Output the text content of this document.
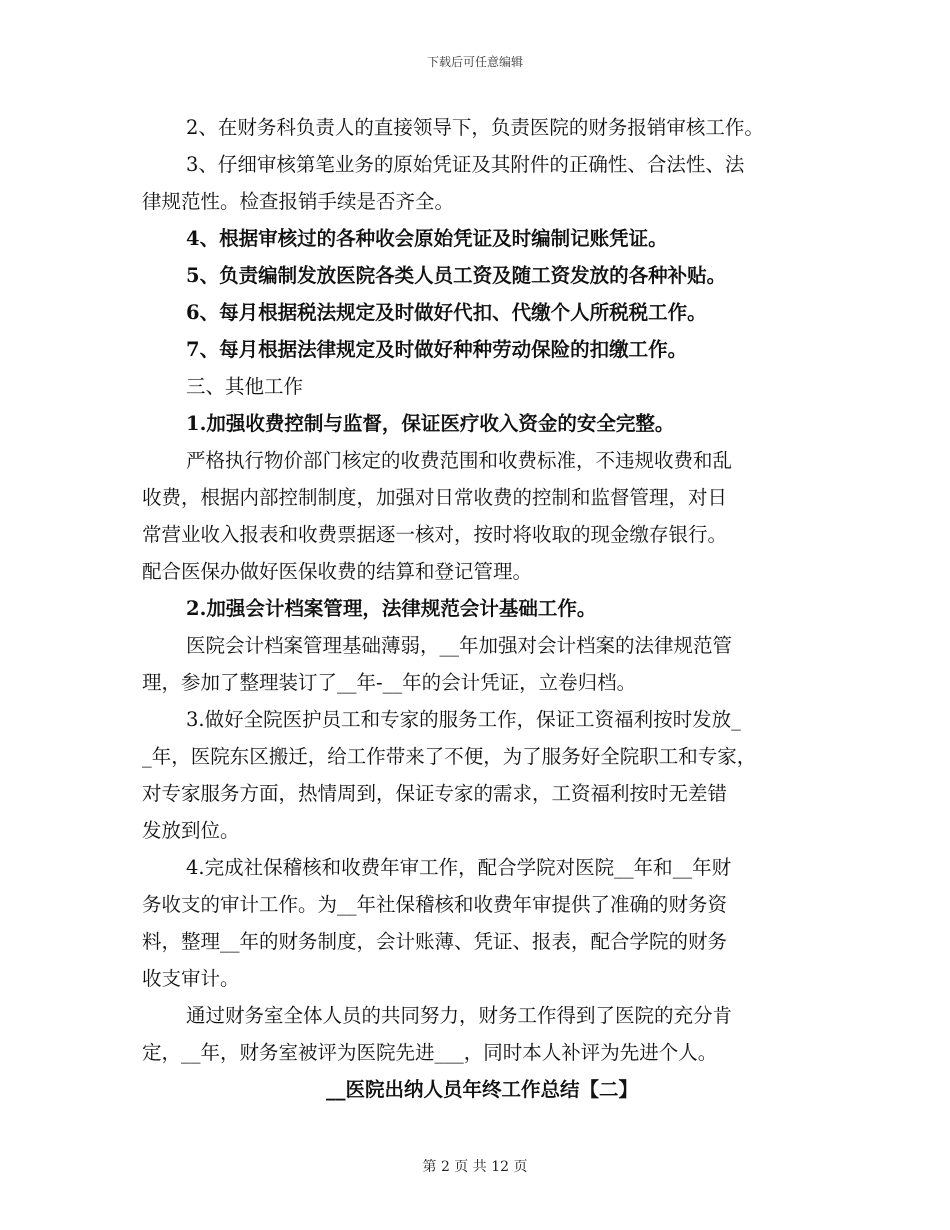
下载后可任意编辑
2、在财务科负责人的直接领导下，负责医院的财务报销审核工作。
3、仔细审核第笔业务的原始凭证及其附件的正确性、合法性、法
律规范性。检查报销手续是否齐全。
4、根据审核过的各种收会原始凭证及时编制记账凭证。
5、负责编制发放医院各类人员工资及随工资发放的各种补贴。
6、每月根据税法规定及时做好代扣、代缴个人所税税工作。
7、每月根据法律规定及时做好种种劳动保险的扣缴工作。
三、其他工作
1.加强收费控制与监督，保证医疗收入资金的安全完整。
严格执行物价部门核定的收费范围和收费标准，不违规收费和乱
收费，根据内部控制制度，加强对日常收费的控制和监督管理，对日
常营业收入报表和收费票据逐一核对，按时将收取的现金缴存银行。
配合医保办做好医保收费的结算和登记管理。
2.加强会计档案管理，法律规范会计基础工作。
医院会计档案管理基础薄弱，__年加强对会计档案的法律规范管
理，参加了整理装订了__年-__年的会计凭证，立卷归档。
3.做好全院医护员工和专家的服务工作，保证工资福利按时发放_
_年，医院东区搬迁，给工作带来了不便，为了服务好全院职工和专家，
对专家服务方面，热情周到，保证专家的需求，工资福利按时无差错
发放到位。
4.完成社保稽核和收费年审工作，配合学院对医院__年和__年财
务收支的审计工作。为__年社保稽核和收费年审提供了准确的财务资
料，整理__年的财务制度，会计账薄、凭证、报表，配合学院的财务
收支审计。
通过财务室全体人员的共同努力，财务工作得到了医院的充分肯
定，__年，财务室被评为医院先进___，同时本人补评为先进个人。
__医院出纳人员年终工作总结【二】
第 2 页 共 12 页
